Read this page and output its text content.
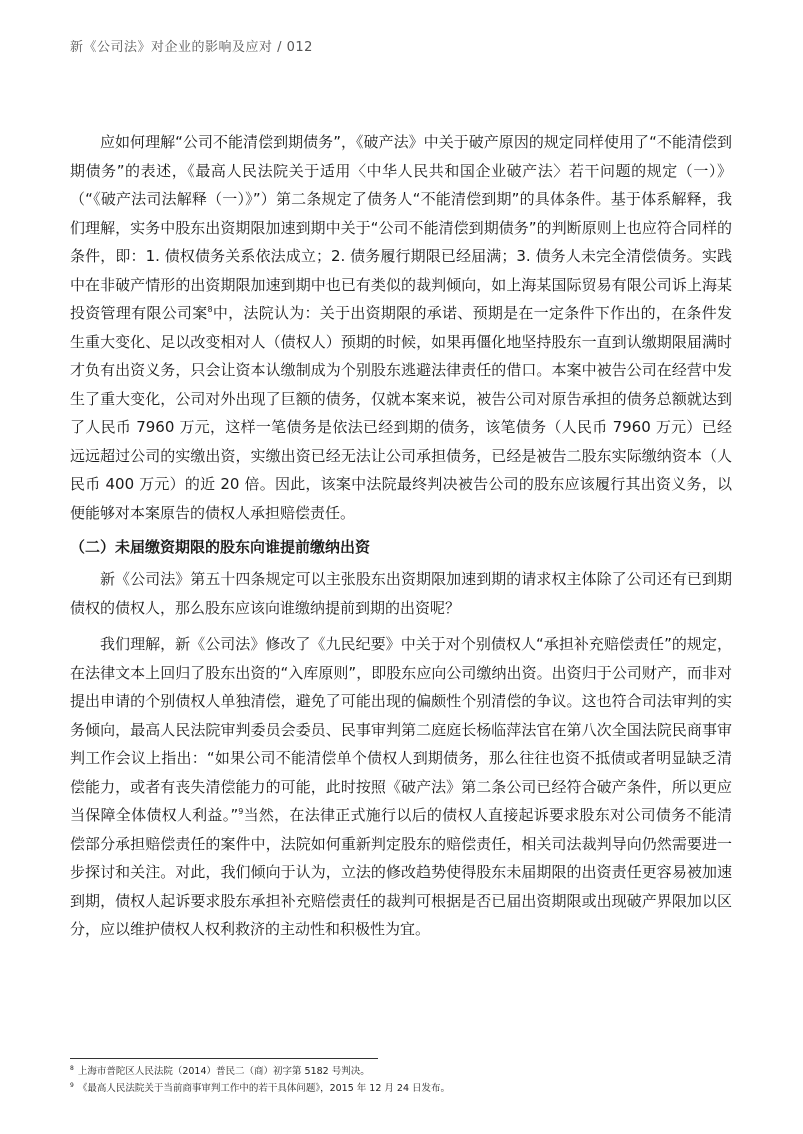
新《公司法》对企业的影响及应对 / 012

应如何理解“公司不能清偿到期债务”，《破产法》中关于破产原因的规定同样使用了“不能清偿到期债务”的表述，《最高人民法院关于适用〈中华人民共和国企业破产法〉若干问题的规定（一）》（“《破产法司法解释（一）》”）第二条规定了债务人“不能清偿到期”的具体条件。基于体系解释，我们理解，实务中股东出资期限加速到期中关于“公司不能清偿到期债务”的判断原则上也应符合同样的条件，即：1. 债权债务关系依法成立；2. 债务履行期限已经届满；3. 债务人未完全清偿债务。实践中在非破产情形的出资期限加速到期中也已有类似的裁判倾向，如上海某国际贸易有限公司诉上海某投资管理有限公司案$^8$中，法院认为：关于出资期限的承诺、预期是在一定条件下作出的，在条件发生重大变化、足以改变相对人（债权人）预期的时候，如果再僵化地坚持股东一直到认缴期限届满时才负有出资义务，只会让资本认缴制成为个别股东逃避法律责任的借口。本案中被告公司在经营中发生了重大变化，公司对外出现了巨额的债务，仅就本案来说，被告公司对原告承担的债务总额就达到了人民币 7960 万元，这样一笔债务是依法已经到期的债务，该笔债务（人民币 7960 万元）已经远远超过公司的实缴出资，实缴出资已经无法让公司承担债务，已经是被告二股东实际缴纳资本（人民币 400 万元）的近 20 倍。因此，该案中法院最终判决被告公司的股东应该履行其出资义务，以便能够对本案原告的债权人承担赔偿责任。

（二）未届缴资期限的股东向谁提前缴纳出资

新《公司法》第五十四条规定可以主张股东出资期限加速到期的请求权主体除了公司还有已到期债权的债权人，那么股东应该向谁缴纳提前到期的出资呢？

我们理解，新《公司法》修改了《九民纪要》中关于对个别债权人“承担补充赔偿责任”的规定，在法律文本上回归了股东出资的“入库原则”，即股东应向公司缴纳出资。出资归于公司财产，而非对提出申请的个别债权人单独清偿，避免了可能出现的偏颇性个别清偿的争议。这也符合司法审判的实务倾向，最高人民法院审判委员会委员、民事审判第二庭庭长杨临萍法官在第八次全国法院民商事审判工作会议上指出：“如果公司不能清偿单个债权人到期债务，那么往往也资不抵债或者明显缺乏清偿能力，或者有丧失清偿能力的可能，此时按照《破产法》第二条公司已经符合破产条件，所以更应当保障全体债权人利益。”$^9$当然，在法律正式施行以后的债权人直接起诉要求股东对公司债务不能清偿部分承担赔偿责任的案件中，法院如何重新判定股东的赔偿责任，相关司法裁判导向仍然需要进一步探讨和关注。对此，我们倾向于认为，立法的修改趋势使得股东未届期限的出资责任更容易被加速到期，债权人起诉要求股东承担补充赔偿责任的裁判可根据是否已届出资期限或出现破产界限加以区分，应以维护债权人权利救济的主动性和积极性为宜。

$^8$ 上海市普陀区人民法院（2014）普民二（商）初字第 5182 号判决。
$^9$ 《最高人民法院关于当前商事审判工作中的若干具体问题》，2015 年 12 月 24 日发布。
